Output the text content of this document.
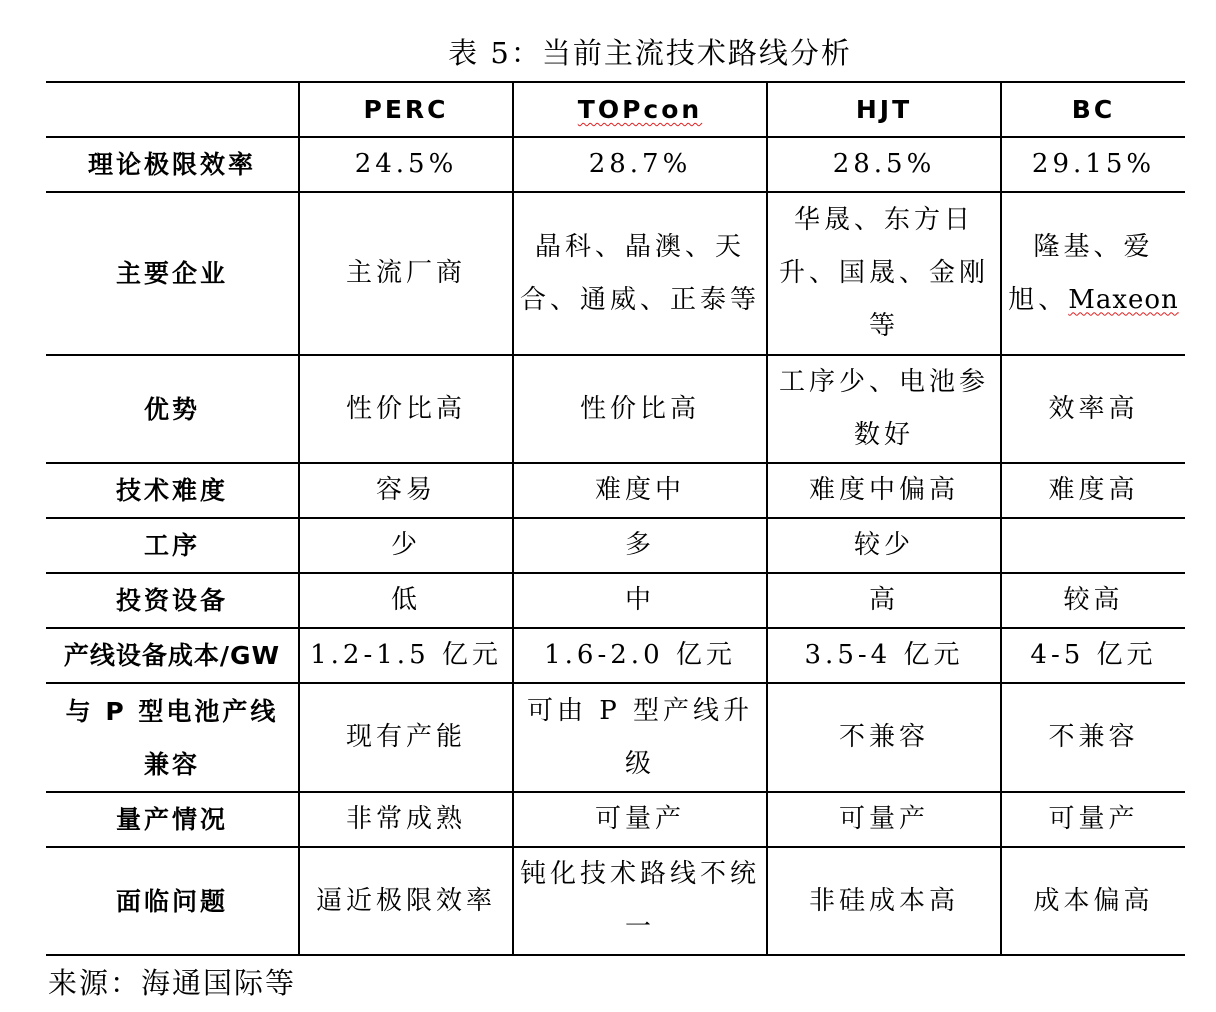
表 5：当前主流技术路线分析
	PERC	TOPcon	HJT	BC
理论极限效率	24.5%	28.7%	28.5%	29.15%
主要企业	主流厂商	晶科、晶澳、天合、通威、正泰等	华晟、东方日升、国晟、金刚等	隆基、爱旭、Maxeon
优势	性价比高	性价比高	工序少、电池参数好	效率高
技术难度	容易	难度中	难度中偏高	难度高
工序	少	多	较少	
投资设备	低	中	高	较高
产线设备成本/GW	1.2-1.5 亿元	1.6-2.0 亿元	3.5-4 亿元	4-5 亿元
与 P 型电池产线兼容	现有产能	可由 P 型产线升级	不兼容	不兼容
量产情况	非常成熟	可量产	可量产	可量产
面临问题	逼近极限效率	钝化技术路线不统一	非硅成本高	成本偏高
来源：海通国际等
